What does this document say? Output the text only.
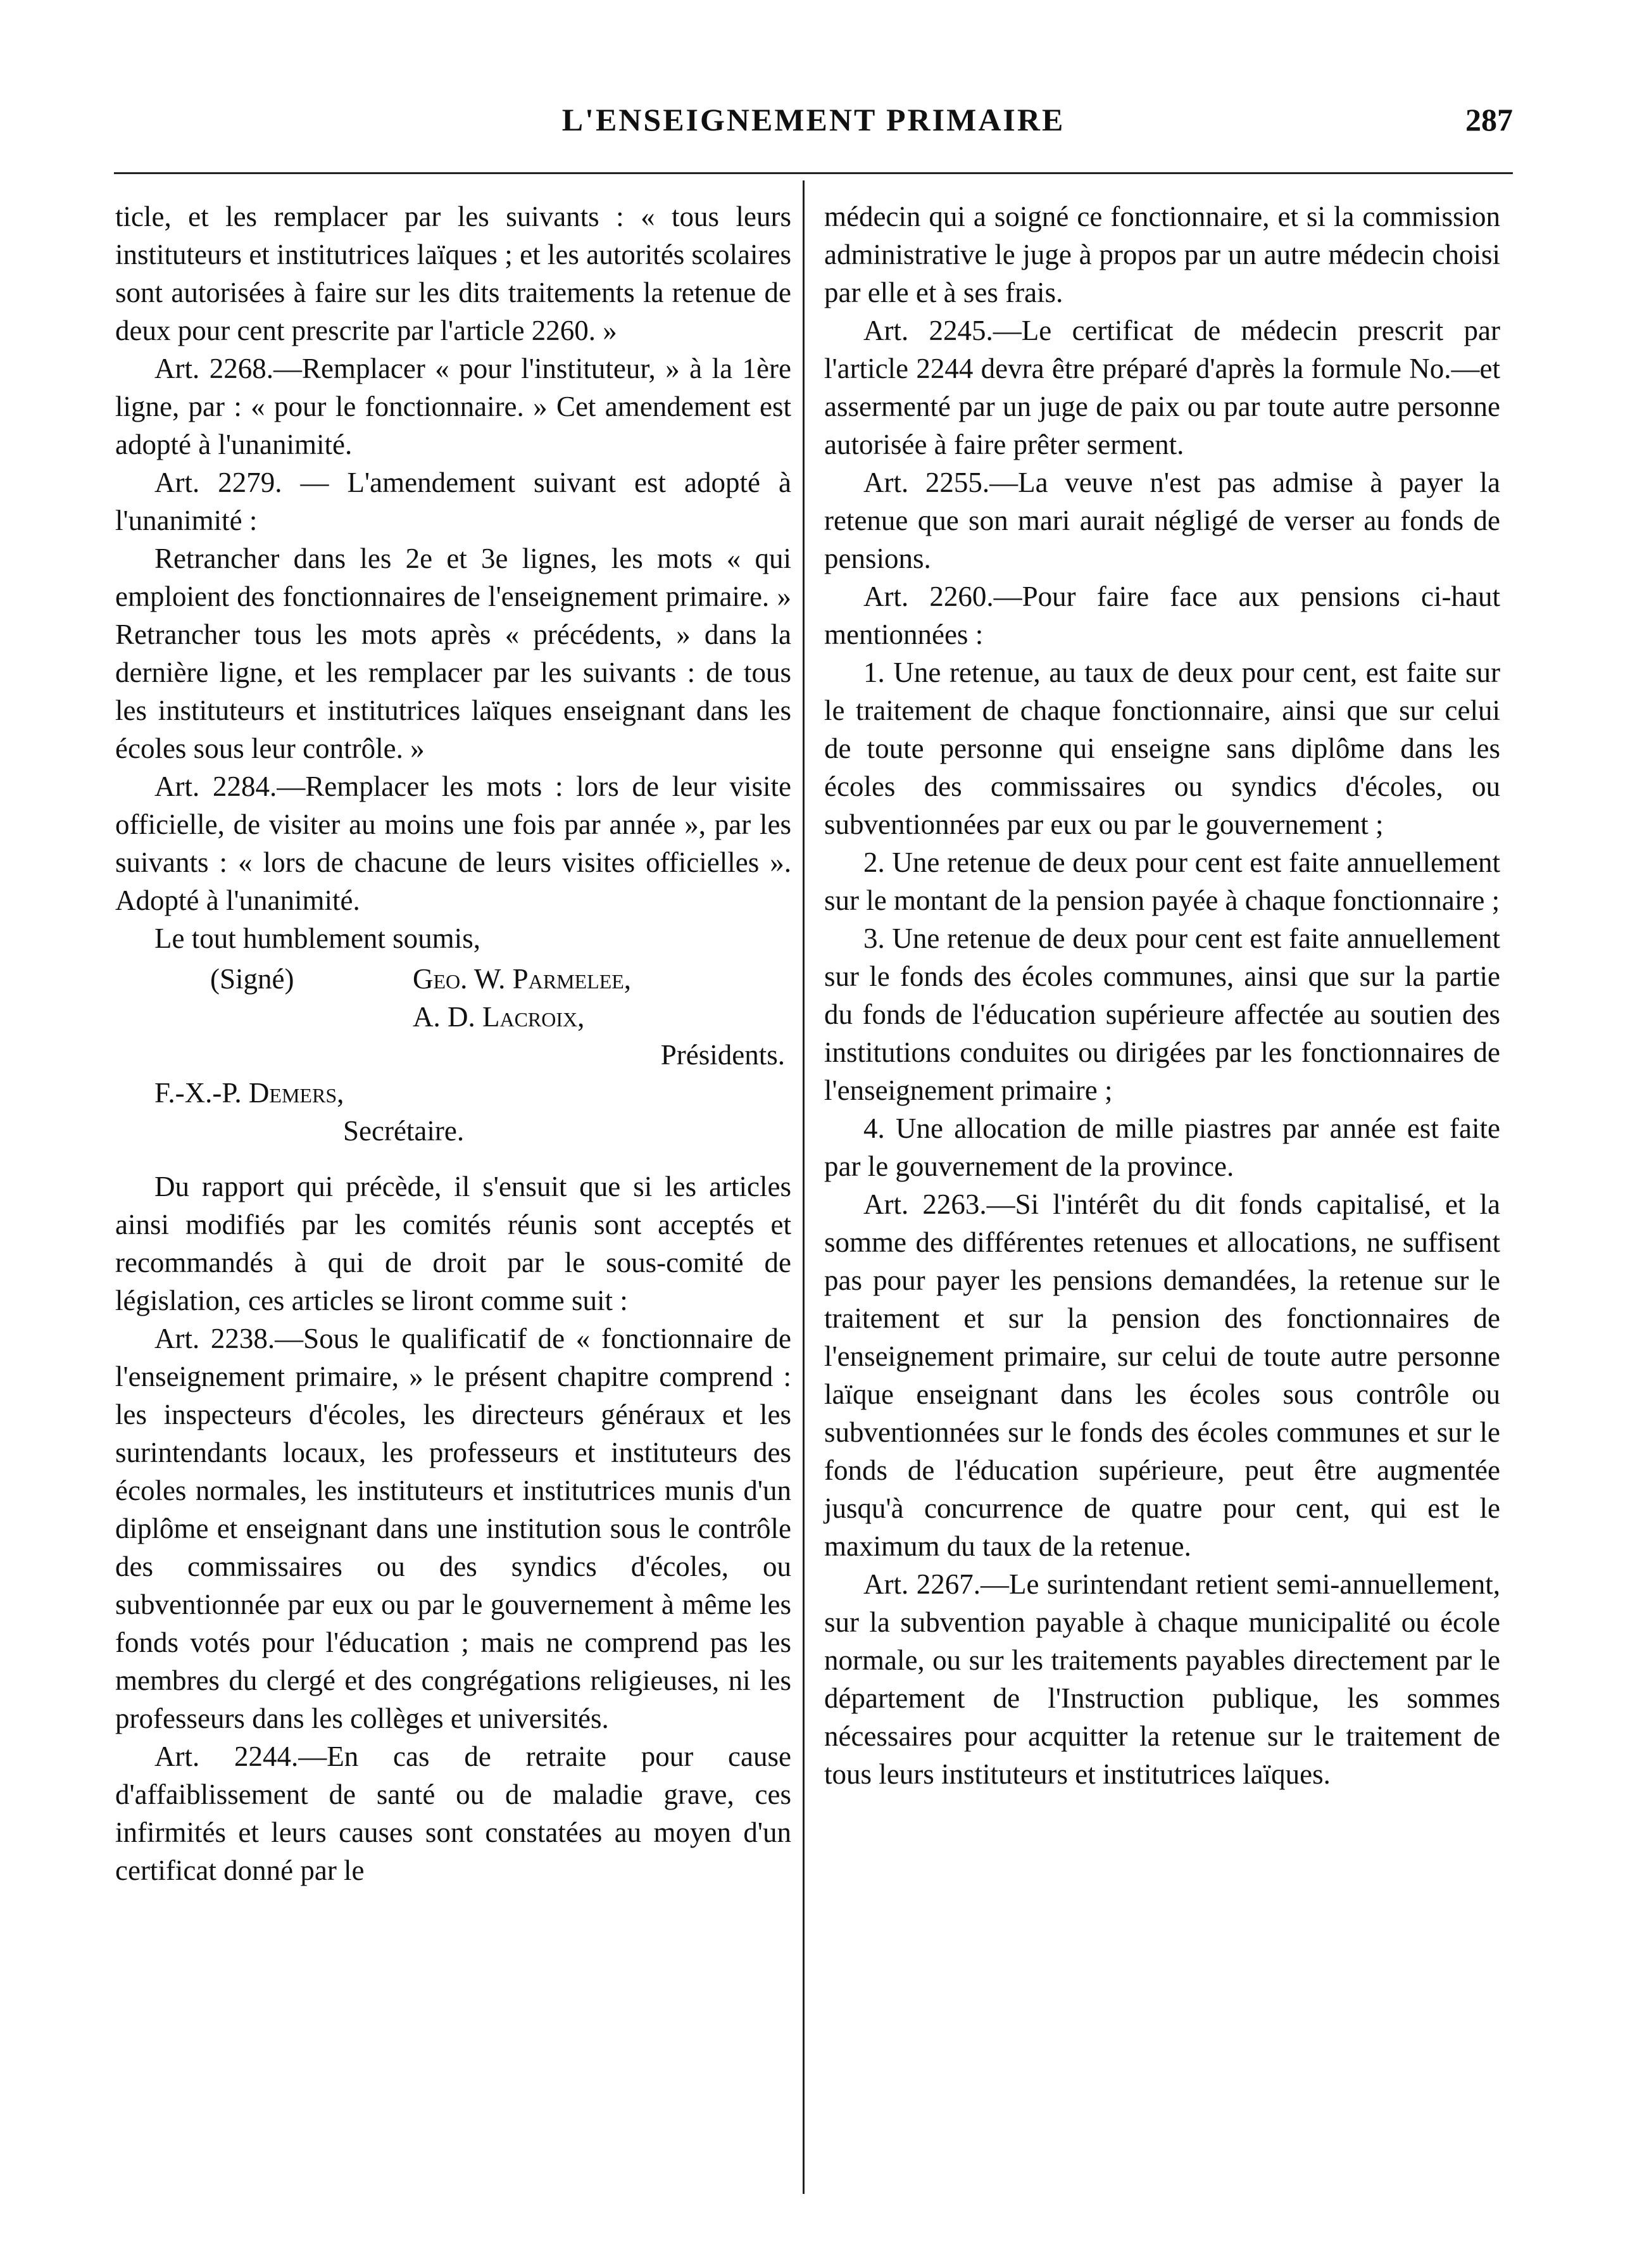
L'ENSEIGNEMENT PRIMAIRE	287

ticle, et les remplacer par les suivants : « tous leurs instituteurs et institutrices laïques ; et les autorités scolaires sont autorisées à faire sur les dits traitements la retenue de deux pour cent prescrite par l'article 2260. »

Art. 2268.—Remplacer « pour l'instituteur, » à la 1ère ligne, par : « pour le fonctionnaire. » Cet amendement est adopté à l'unanimité.

Art. 2279. — L'amendement suivant est adopté à l'unanimité :

Retrancher dans les 2e et 3e lignes, les mots « qui emploient des fonctionnaires de l'enseignement primaire. » Retrancher tous les mots après « précédents, » dans la dernière ligne, et les remplacer par les suivants : de tous les instituteurs et institutrices laïques enseignant dans les écoles sous leur contrôle. »

Art. 2284.—Remplacer les mots : lors de leur visite officielle, de visiter au moins une fois par année », par les suivants : « lors de chacune de leurs visites officielles ». Adopté à l'unanimité.

Le tout humblement soumis,

(Signé)	Geo. W. Parmelee,
A. D. Lacroix,
Présidents.
F.-X.-P. Demers,
Secrétaire.

Du rapport qui précède, il s'ensuit que si les articles ainsi modifiés par les comités réunis sont acceptés et recommandés à qui de droit par le sous-comité de législation, ces articles se liront comme suit :

Art. 2238.—Sous le qualificatif de « fonctionnaire de l'enseignement primaire, » le présent chapitre comprend : les inspecteurs d'écoles, les directeurs généraux et les surintendants locaux, les professeurs et instituteurs des écoles normales, les instituteurs et institutrices munis d'un diplôme et enseignant dans une institution sous le contrôle des commissaires ou des syndics d'écoles, ou subventionnée par eux ou par le gouvernement à même les fonds votés pour l'éducation ; mais ne comprend pas les membres du clergé et des congrégations religieuses, ni les professeurs dans les collèges et universités.

Art. 2244.—En cas de retraite pour cause d'affaiblissement de santé ou de maladie grave, ces infirmités et leurs causes sont constatées au moyen d'un certificat donné par le

médecin qui a soigné ce fonctionnaire, et si la commission administrative le juge à propos par un autre médecin choisi par elle et à ses frais.

Art. 2245.—Le certificat de médecin prescrit par l'article 2244 devra être préparé d'après la formule No.—et assermenté par un juge de paix ou par toute autre personne autorisée à faire prêter serment.

Art. 2255.—La veuve n'est pas admise à payer la retenue que son mari aurait négligé de verser au fonds de pensions.

Art. 2260.—Pour faire face aux pensions ci-haut mentionnées :

1. Une retenue, au taux de deux pour cent, est faite sur le traitement de chaque fonctionnaire, ainsi que sur celui de toute personne qui enseigne sans diplôme dans les écoles des commissaires ou syndics d'écoles, ou subventionnées par eux ou par le gouvernement ;

2. Une retenue de deux pour cent est faite annuellement sur le montant de la pension payée à chaque fonctionnaire ;

3. Une retenue de deux pour cent est faite annuellement sur le fonds des écoles communes, ainsi que sur la partie du fonds de l'éducation supérieure affectée au soutien des institutions conduites ou dirigées par les fonctionnaires de l'enseignement primaire ;

4. Une allocation de mille piastres par année est faite par le gouvernement de la province.

Art. 2263.—Si l'intérêt du dit fonds capitalisé, et la somme des différentes retenues et allocations, ne suffisent pas pour payer les pensions demandées, la retenue sur le traitement et sur la pension des fonctionnaires de l'enseignement primaire, sur celui de toute autre personne laïque enseignant dans les écoles sous contrôle ou subventionnées sur le fonds des écoles communes et sur le fonds de l'éducation supérieure, peut être augmentée jusqu'à concurrence de quatre pour cent, qui est le maximum du taux de la retenue.

Art. 2267.—Le surintendant retient semi-annuellement, sur la subvention payable à chaque municipalité ou école normale, ou sur les traitements payables directement par le département de l'Instruction publique, les sommes nécessaires pour acquitter la retenue sur le traitement de tous leurs instituteurs et institutrices laïques.
